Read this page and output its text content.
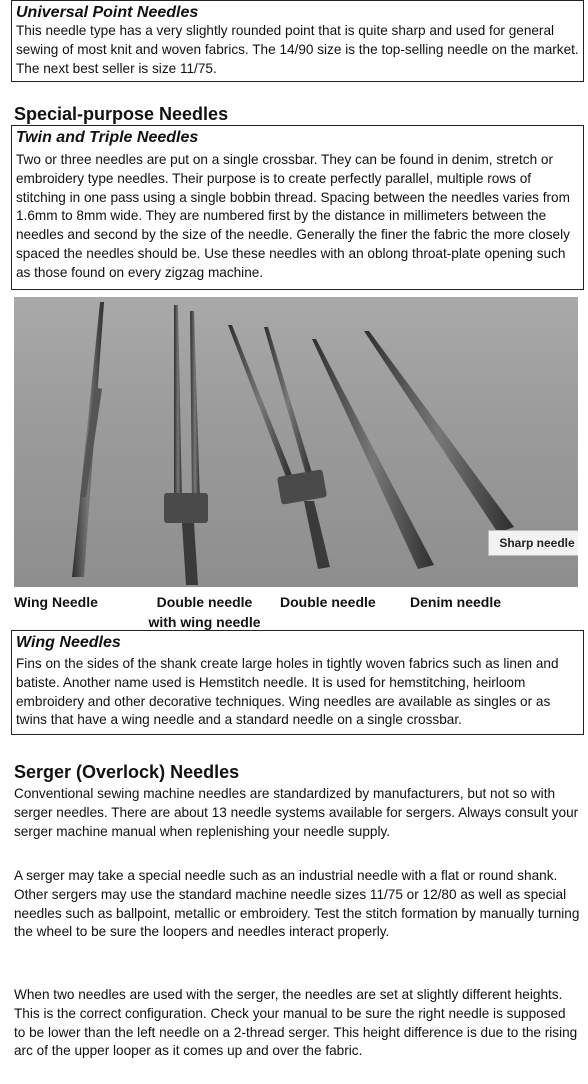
Universal Point Needles

This needle type has a very slightly rounded point that is quite sharp and used for general sewing of most knit and woven fabrics. The 14/90 size is the top-selling needle on the market. The next best seller is size 11/75.

Special-purpose Needles
Twin and Triple Needles

Two or three needles are put on a single crossbar. They can be found in denim, stretch or embroidery type needles. Their purpose is to create perfectly parallel, multiple rows of stitching in one pass using a single bobbin thread. Spacing between the needles varies from 1.6mm to 8mm wide. They are numbered first by the distance in millimeters between the needles and second by the size of the needle. Generally the finer the fabric the more closely spaced the needles should be. Use these needles with an oblong throat-plate opening such as those found on every zigzag machine.

Sharp needle
Wing Needle	Double needle
with wing needle
Double needle Denim needle
Wing Needles

Fins on the sides of the shank create large holes in tightly woven fabrics such as linen and batiste. Another name used is Hemstitch needle. It is used for hemstitching, heirloom embroidery and other decorative techniques. Wing needles are available as singles or as twins that have a wing needle and a standard needle on a single crossbar.

Serger (Overlock) Needles

Conventional sewing machine needles are standardized by manufacturers, but not so with serger needles. There are about 13 needle systems available for sergers. Always consult your serger machine manual when replenishing your needle supply.

A serger may take a special needle such as an industrial needle with a flat or round shank. Other sergers may use the standard machine needle sizes 11/75 or 12/80 as well as special needles such as ballpoint, metallic or embroidery. Test the stitch formation by manually turning the wheel to be sure the loopers and needles interact properly.

When two needles are used with the serger, the needles are set at slightly different heights. This is the correct configuration. Check your manual to be sure the right needle is supposed to be lower than the left needle on a 2-thread serger. This height difference is due to the rising arc of the upper looper as it comes up and over the fabric.
